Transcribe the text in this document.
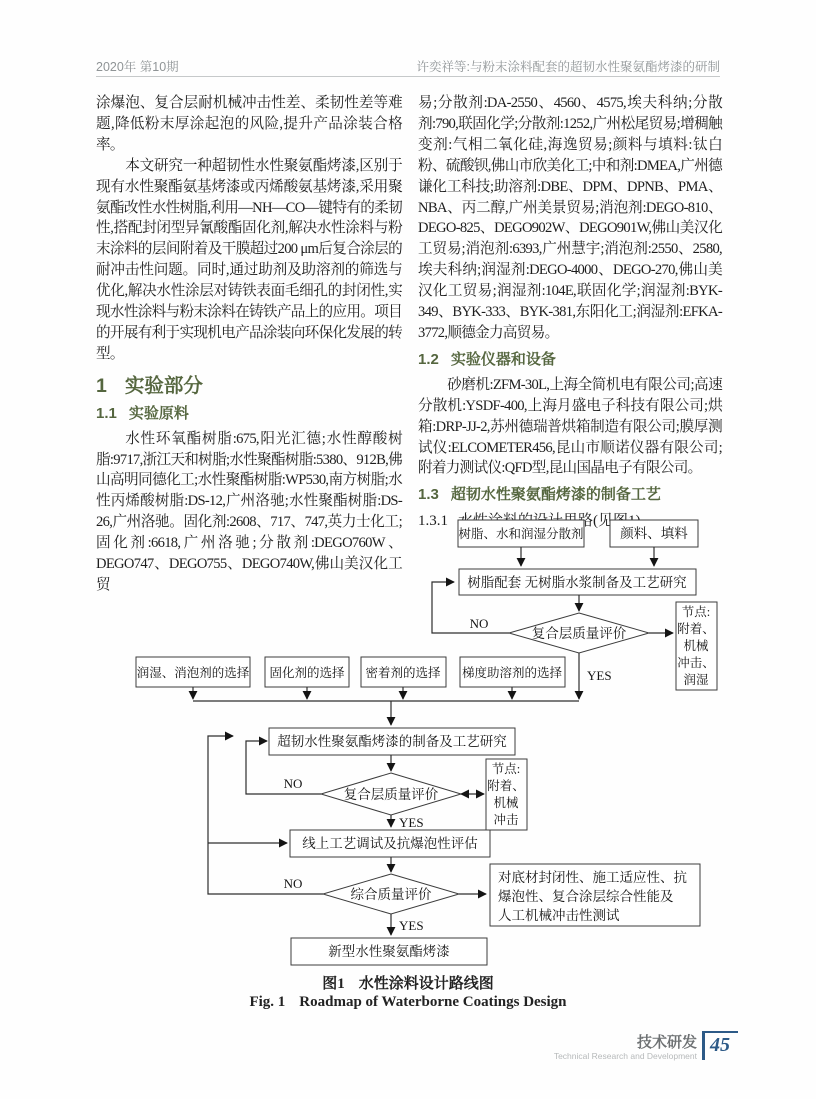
2020年 第10期	许奕祥等:与粉末涂料配套的超韧水性聚氨酯烤漆的研制

涂爆泡、复合层耐机械冲击性差、柔韧性差等难题,降低粉末厚涂起泡的风险,提升产品涂装合格率。

本文研究一种超韧性水性聚氨酯烤漆,区别于现有水性聚酯氨基烤漆或丙烯酸氨基烤漆,采用聚氨酯改性水性树脂,利用—NH—CO—键特有的柔韧性,搭配封闭型异氰酸酯固化剂,解决水性涂料与粉末涂料的层间附着及干膜超过200 μm后复合涂层的耐冲击性问题。同时,通过助剂及助溶剂的筛选与优化,解决水性涂层对铸铁表面毛细孔的封闭性,实现水性涂料与粉末涂料在铸铁产品上的应用。项目的开展有利于实现机电产品涂装向环保化发展的转型。

1 实验部分
1.1 实验原料

水性环氧酯树脂:675,阳光汇德;水性醇酸树脂:9717,浙江天和树脂;水性聚酯树脂:5380、912B,佛山高明同德化工;水性聚酯树脂:WP530,南方树脂;水性丙烯酸树脂:DS-12,广州洛驰;水性聚酯树脂:DS-26,广州洛驰。固化剂:2608、717、747,英力士化工;固化剂:6618,广州洛驰;分散剂:DEGO760W、DEGO747、DEGO755、DEGO740W,佛山美汉化工贸

易;分散剂:DA-2550、4560、4575,埃夫科纳;分散剂:790,联固化学;分散剂:1252,广州松尾贸易;增稠触变剂:气相二氧化硅,海逸贸易;颜料与填料:钛白粉、硫酸钡,佛山市欣美化工;中和剂:DMEA,广州德谦化工科技;助溶剂:DBE、DPM、DPNB、PMA、NBA、丙二醇,广州美景贸易;消泡剂:DEGO-810、DEGO-825、DEGO902W、DEGO901W,佛山美汉化工贸易;消泡剂:6393,广州慧宇;消泡剂:2550、2580,埃夫科纳;润湿剂:DEGO-4000、DEGO-270,佛山美汉化工贸易;润湿剂:104E,联固化学;润湿剂:BYK-349、BYK-333、BYK-381,东阳化工;润湿剂:EFKA-3772,顺德金力高贸易。

1.2 实验仪器和设备

砂磨机:ZFM-30L,上海全简机电有限公司;高速分散机:YSDF-400,上海月盛电子科技有限公司;烘箱:DRP-JJ-2,苏州德瑞普烘箱制造有限公司;膜厚测试仪:ELCOMETER456,昆山市顺诺仪器有限公司;附着力测试仪:QFD型,昆山国晶电子有限公司。

1.3 超韧水性聚氨酯烤漆的制备工艺
1.3.1
树脂、水和润湿分散剂	颜料、填料
树脂配套 无树脂水浆制备及工艺研究
复合层质量评价
NO
节点:
附着、
机械
冲击、
润湿
YES
润湿、消泡剂的选择 固化剂的选择 密着剂的选择 梯度助溶剂的选择
超韧水性聚氨酯烤漆的制备及工艺研究
复合层质量评价
NO
节点:
附着、
机械
冲击
YES
线上工艺调试及抗爆泡性评估
综合质量评价
NO	对底材封闭性、施工适应性、抗
爆泡性、复合涂层综合性能及
人工机械冲击性测试
YES
新型水性聚氨酯烤漆
图1 水性涂料设计路线图
Fig. 1 Roadmap of Waterborne Coatings Design
技术研发
Technical Research and Development 45
